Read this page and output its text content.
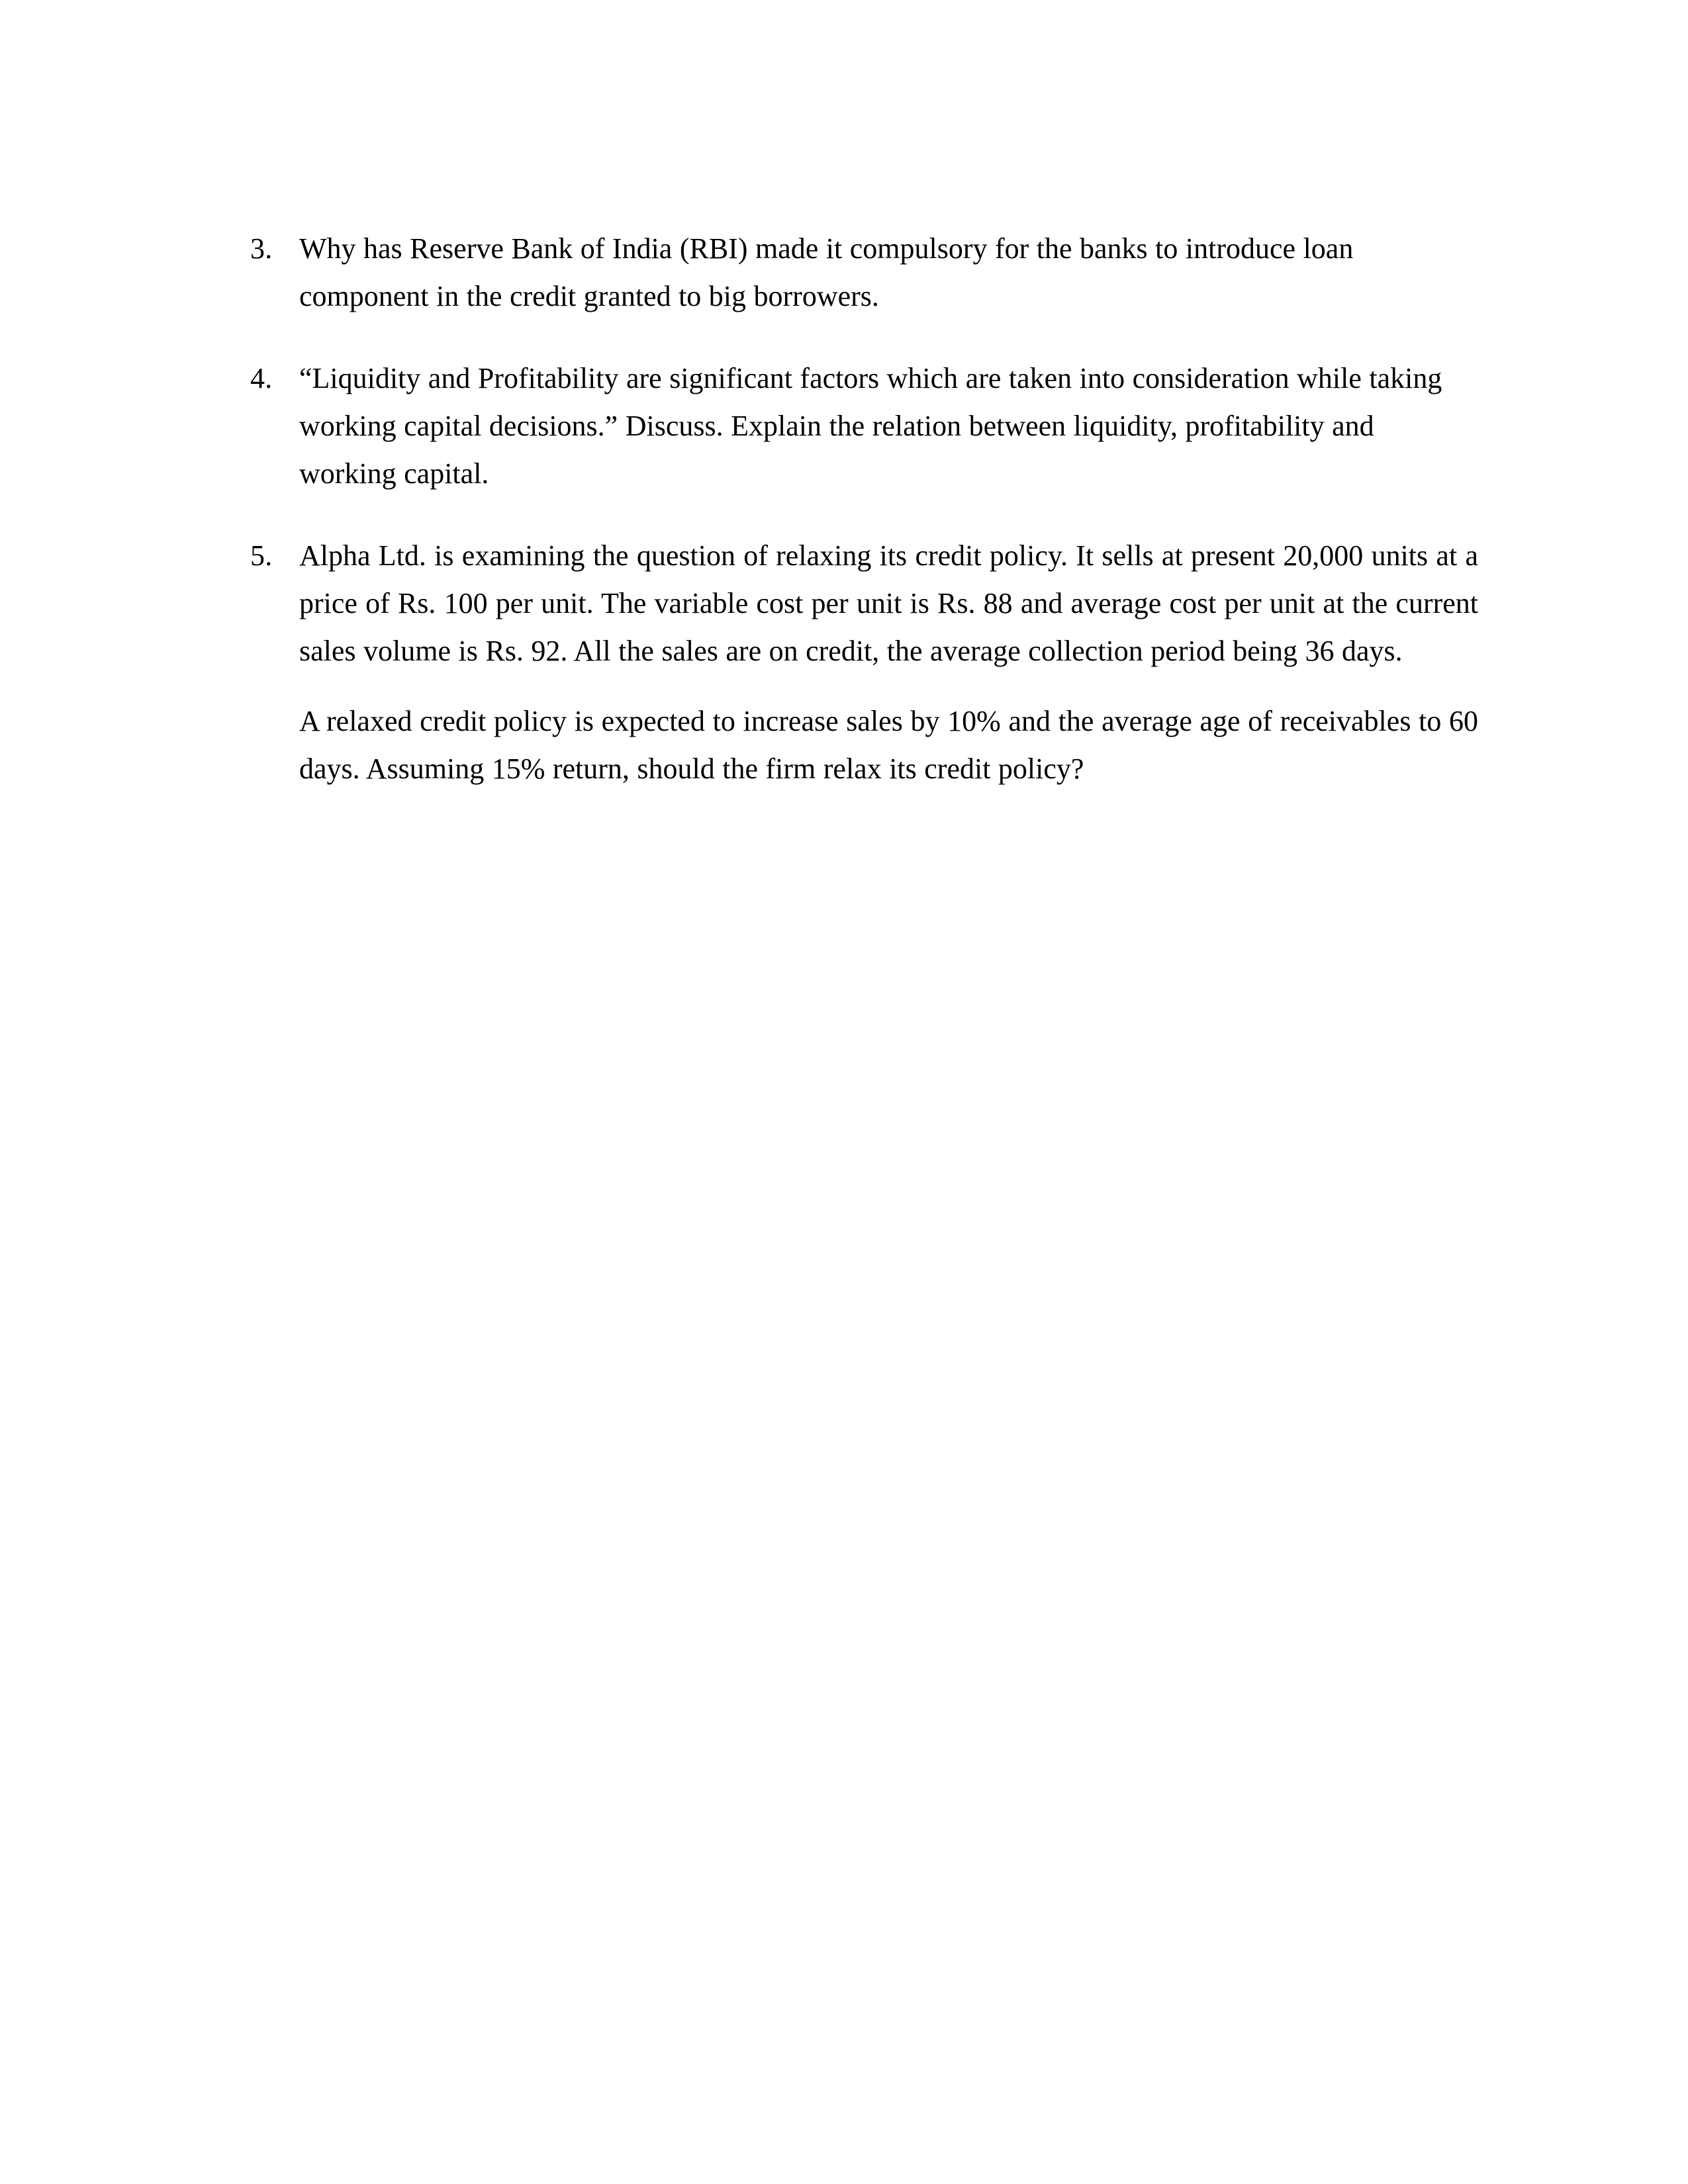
3. Why has Reserve Bank of India (RBI) made it compulsory for the banks to introduce loan component in the credit granted to big borrowers.

4. “Liquidity and Profitability are significant factors which are taken into consideration while taking working capital decisions.” Discuss. Explain the relation between liquidity, profitability and working capital.

5. Alpha Ltd. is examining the question of relaxing its credit policy. It sells at present 20,000 units at a price of Rs. 100 per unit. The variable cost per unit is Rs. 88 and average cost per unit at the current sales volume is Rs. 92. All the sales are on credit, the average collection period being 36 days.

A relaxed credit policy is expected to increase sales by 10% and the average age of receivables to 60 days. Assuming 15% return, should the firm relax its credit policy?
